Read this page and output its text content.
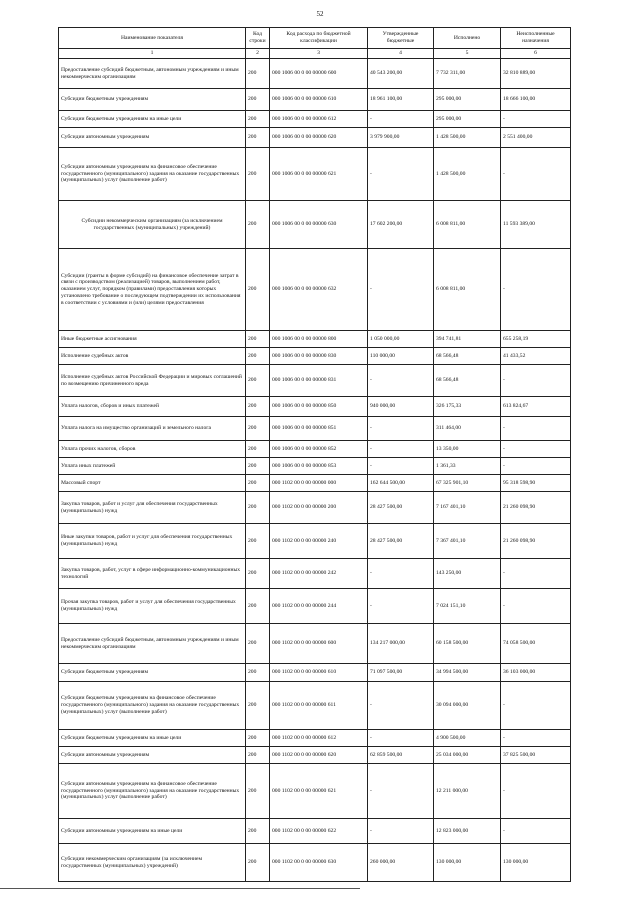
52
Наименование показателя	Код строки	Код расхода по бюджетной классификации	Утвержденные бюджетные	Исполнено	Неисполненные назначения
1	2	3	4	5	6
Предоставление субсидий бюджетным, автономным учреждениям и иным некоммерческим организациям	200	000 1006 00 0 00 00000 600	40 543 200,00	7 732 311,00	32 810 889,00
Субсидии бюджетным учреждениям	200	000 1006 00 0 00 00000 610	18 961 100,00	295 000,00	18 666 100,00
Субсидии бюджетным учреждениям на иные цели	200	000 1006 00 0 00 00000 612	-	295 000,00	-
Субсидии автономным учреждениям	200	000 1006 00 0 00 00000 620	3 979 900,00	1 428 500,00	2 551 400,00
Субсидии автономным учреждениям на финансовое обеспечение государственного (муниципального) задания на оказание государственных (муниципальных) услуг (выполнение работ)	200	000 1006 00 0 00 00000 621	-	1 428 500,00	-
Субсидии некоммерческим организациям (за исключением государственных (муниципальных) учреждений)	200	000 1006 00 0 00 00000 630	17 602 200,00	6 008 811,00	11 593 389,00
Субсидии (гранты в форме субсидий) на финансовое обеспечение затрат в связи с производством (реализацией) товаров, выполнением работ, оказанием услуг, порядком (правилами) предоставления которых установлено требование о последующем подтверждении их использования в соответствии с условиями и (или) целями предоставления	200	000 1006 00 0 00 00000 632	-	6 008 811,00	-
Иные бюджетные ассигнования	200	000 1006 00 0 00 00000 800	1 050 000,00	394 741,81	655 258,19
Исполнение судебных актов	200	000 1006 00 0 00 00000 830	110 000,00	68 566,48	41 433,52
Исполнение судебных актов Российской Федерации и мировых соглашений по возмещению причиненного вреда	200	000 1006 00 0 00 00000 831	-	68 566,48	-
Уплата налогов, сборов и иных платежей	200	000 1006 00 0 00 00000 850	940 000,00	326 175,33	613 824,67
Уплата налога на имущество организаций и земельного налога	200	000 1006 00 0 00 00000 851	-	311 464,00	-
Уплата прочих налогов, сборов	200	000 1006 00 0 00 00000 852	-	13 350,00	-
Уплата иных платежей	200	000 1006 00 0 00 00000 853	-	1 361,33	-
Массовый спорт	200	000 1102 00 0 00 00000 000	162 644 500,00	67 325 901,10	95 318 598,90
Закупка товаров, работ и услуг для обеспечения государственных (муниципальных) нужд	200	000 1102 00 0 00 00000 200	28 427 500,00	7 167 401,10	21 260 098,90
Иные закупки товаров, работ и услуг для обеспечения государственных (муниципальных) нужд	200	000 1102 00 0 00 00000 240	28 427 500,00	7 367 401,10	21 260 098,90
Закупка товаров, работ, услуг в сфере информационно-коммуникационных технологий	200	000 1102 00 0 00 00000 242	-	143 250,00	-
Прочая закупка товаров, работ и услуг для обеспечения государственных (муниципальных) нужд	200	000 1102 00 0 00 00000 244	-	7 024 151,10	-
Предоставление субсидий бюджетным, автономным учреждениям и иным некоммерческим организациям	200	000 1102 00 0 00 00000 600	134 217 000,00	60 158 500,00	74 058 500,00
Субсидии бюджетным учреждениям	200	000 1102 00 0 00 00000 610	71 097 500,00	34 994 500,00	36 103 000,00
Субсидии бюджетным учреждениям на финансовое обеспечение государственного (муниципального) задания на оказание государственных (муниципальных) услуг (выполнение работ)	200	000 1102 00 0 00 00000 611	-	30 094 000,00	-
Субсидии бюджетным учреждениям на иные цели	200	000 1102 00 0 00 00000 612	-	4 900 500,00	-
Субсидии автономным учреждениям	200	000 1102 00 0 00 00000 620	62 859 500,00	25 034 000,00	37 825 500,00
Субсидии автономным учреждениям на финансовое обеспечение государственного (муниципального) задания на оказание государственных (муниципальных) услуг (выполнение работ)	200	000 1102 00 0 00 00000 621	-	12 211 000,00	-
Субсидии автономным учреждениям на иные цели	200	000 1102 00 0 00 00000 622	-	12 823 000,00	-
Субсидии некоммерческим организациям (за исключением государственных (муниципальных) учреждений)	200	000 1102 00 0 00 00000 630	260 000,00	130 000,00	130 000,00
